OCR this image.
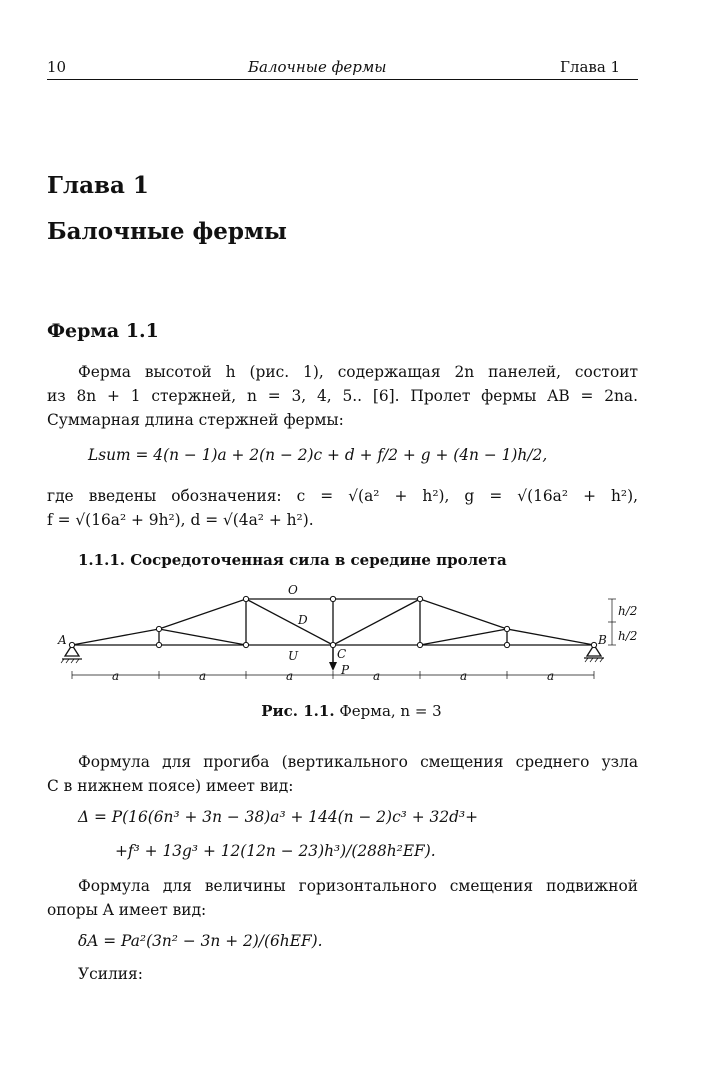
10	Балочные фермы	Глава 1
Глава 1
Балочные фермы
Ферма 1.1
Ферма высотой h (рис. 1), содержащая 2n панелей, состоит
из 8n + 1 стержней, n = 3, 4, 5.. [6]. Пролет фермы AB = 2na.
Суммарная длина стержней фермы:
Lsum = 4(n − 1)a + 2(n − 2)c + d + f/2 + g + (4n − 1)h/2,
где введены обозначения: c = √(a² + h²), g = √(16a² + h²),
f = √(16a² + 9h²), d = √(4a² + h²).
1.1.1. Сосредоточенная сила в середине пролета
O
D
U	C
P
A	B
h/2
h/2
a	a	a	a	a	a
Рис. 1.1. Ферма, n = 3
Формула для прогиба (вертикального смещения среднего узла
C в нижнем поясе) имеет вид:
Δ = P(16(6n³ + 3n − 38)a³ + 144(n − 2)c³ + 32d³+
+f³ + 13g³ + 12(12n − 23)h³)/(288h²EF).
Формула для величины горизонтального смещения подвижной
опоры A имеет вид:
δA = Pa²(3n² − 3n + 2)/(6hEF).
Усилия:
